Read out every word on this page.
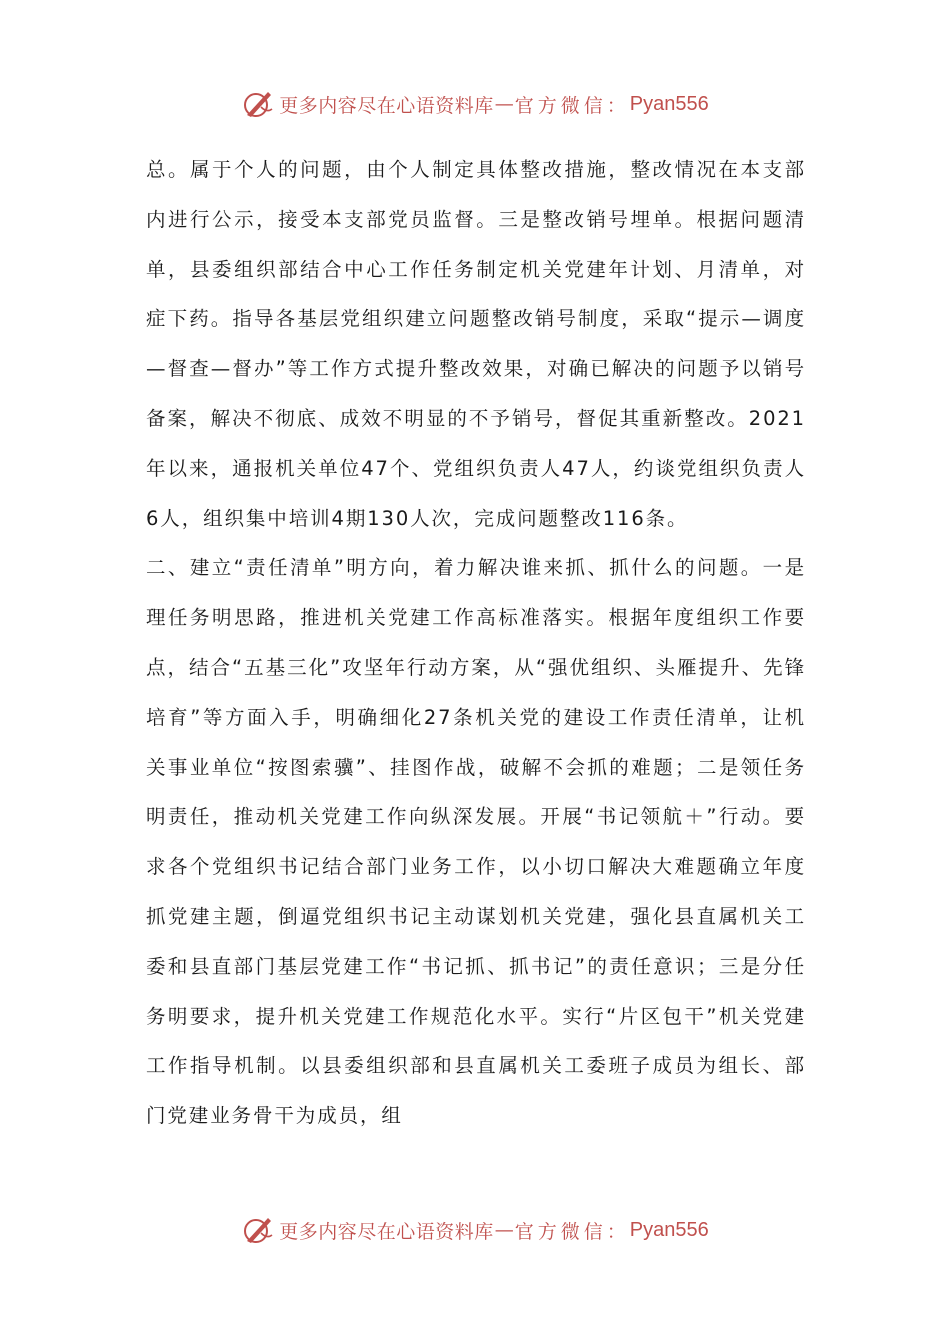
更多内容尽在心语资料库 — 官方微信： Pyan556

总。属于个人的问题，由个人制定具体整改措施，整改情况在本支部内进行公示，接受本支部党员监督。三是整改销号埋单。根据问题清单，县委组织部结合中心工作任务制定机关党建年计划、月清单，对症下药。指导各基层党组织建立问题整改销号制度，采取“提示—调度—督查—督办”等工作方式提升整改效果，对确已解决的问题予以销号备案，解决不彻底、成效不明显的不予销号，督促其重新整改。2021年以来，通报机关单位47个、党组织负责人47人，约谈党组织负责人6人，组织集中培训4期130人次，完成问题整改116条。

二、建立“责任清单”明方向，着力解决谁来抓、抓什么的问题。一是理任务明思路，推进机关党建工作高标准落实。根据年度组织工作要点，结合“五基三化”攻坚年行动方案，从“强优组织、头雁提升、先锋培育”等方面入手，明确细化27条机关党的建设工作责任清单，让机关事业单位“按图索骥”、挂图作战，破解不会抓的难题；二是领任务明责任，推动机关党建工作向纵深发展。开展“书记领航＋”行动。要求各个党组织书记结合部门业务工作，以小切口解决大难题确立年度抓党建主题，倒逼党组织书记主动谋划机关党建，强化县直属机关工委和县直部门基层党建工作“书记抓、抓书记”的责任意识；三是分任务明要求，提升机关党建工作规范化水平。实行“片区包干”机关党建工作指导机制。以县委组织部和县直属机关工委班子成员为组长、部门党建业务骨干为成员，组

更多内容尽在心语资料库 — 官方微信： Pyan556
